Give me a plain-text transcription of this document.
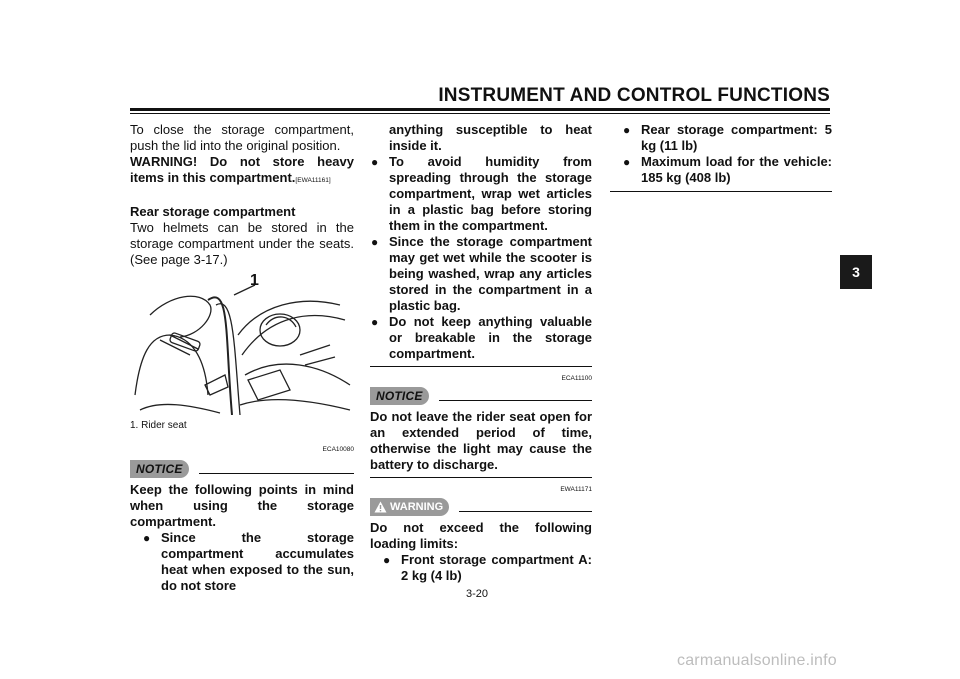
INSTRUMENT AND CONTROL FUNCTIONS
3

To close the storage compartment, push the lid into the original position.

WARNING! Do not store heavy items in this compartment.[EWA11161]

Rear storage compartment

Two helmets can be stored in the storage compartment under the seats. (See page 3-17.)

1
1. Rider seat
ECA10080
NOTICE

Keep the following points in mind when using the storage compartment.

● Since the storage compartment accumulates heat when exposed to the sun, do not store
anything susceptible to heat inside it.
● To avoid humidity from spreading through the storage compartment, wrap wet articles in a plastic bag before storing them in the compartment.
● Since the storage compartment may get wet while the scooter is being washed, wrap any articles stored in the compartment in a plastic bag.
● Do not keep anything valuable or breakable in the storage compartment.
ECA11100
NOTICE

Do not leave the rider seat open for an extended period of time, otherwise the light may cause the battery to discharge.

EWA11171
WARNING

Do not exceed the following loading limits:

● Front storage compartment A: 2 kg (4 lb)
● Rear storage compartment: 5 kg (11 lb)
● Maximum load for the vehicle: 185 kg (408 lb)
3-20
carmanualsonline.info
